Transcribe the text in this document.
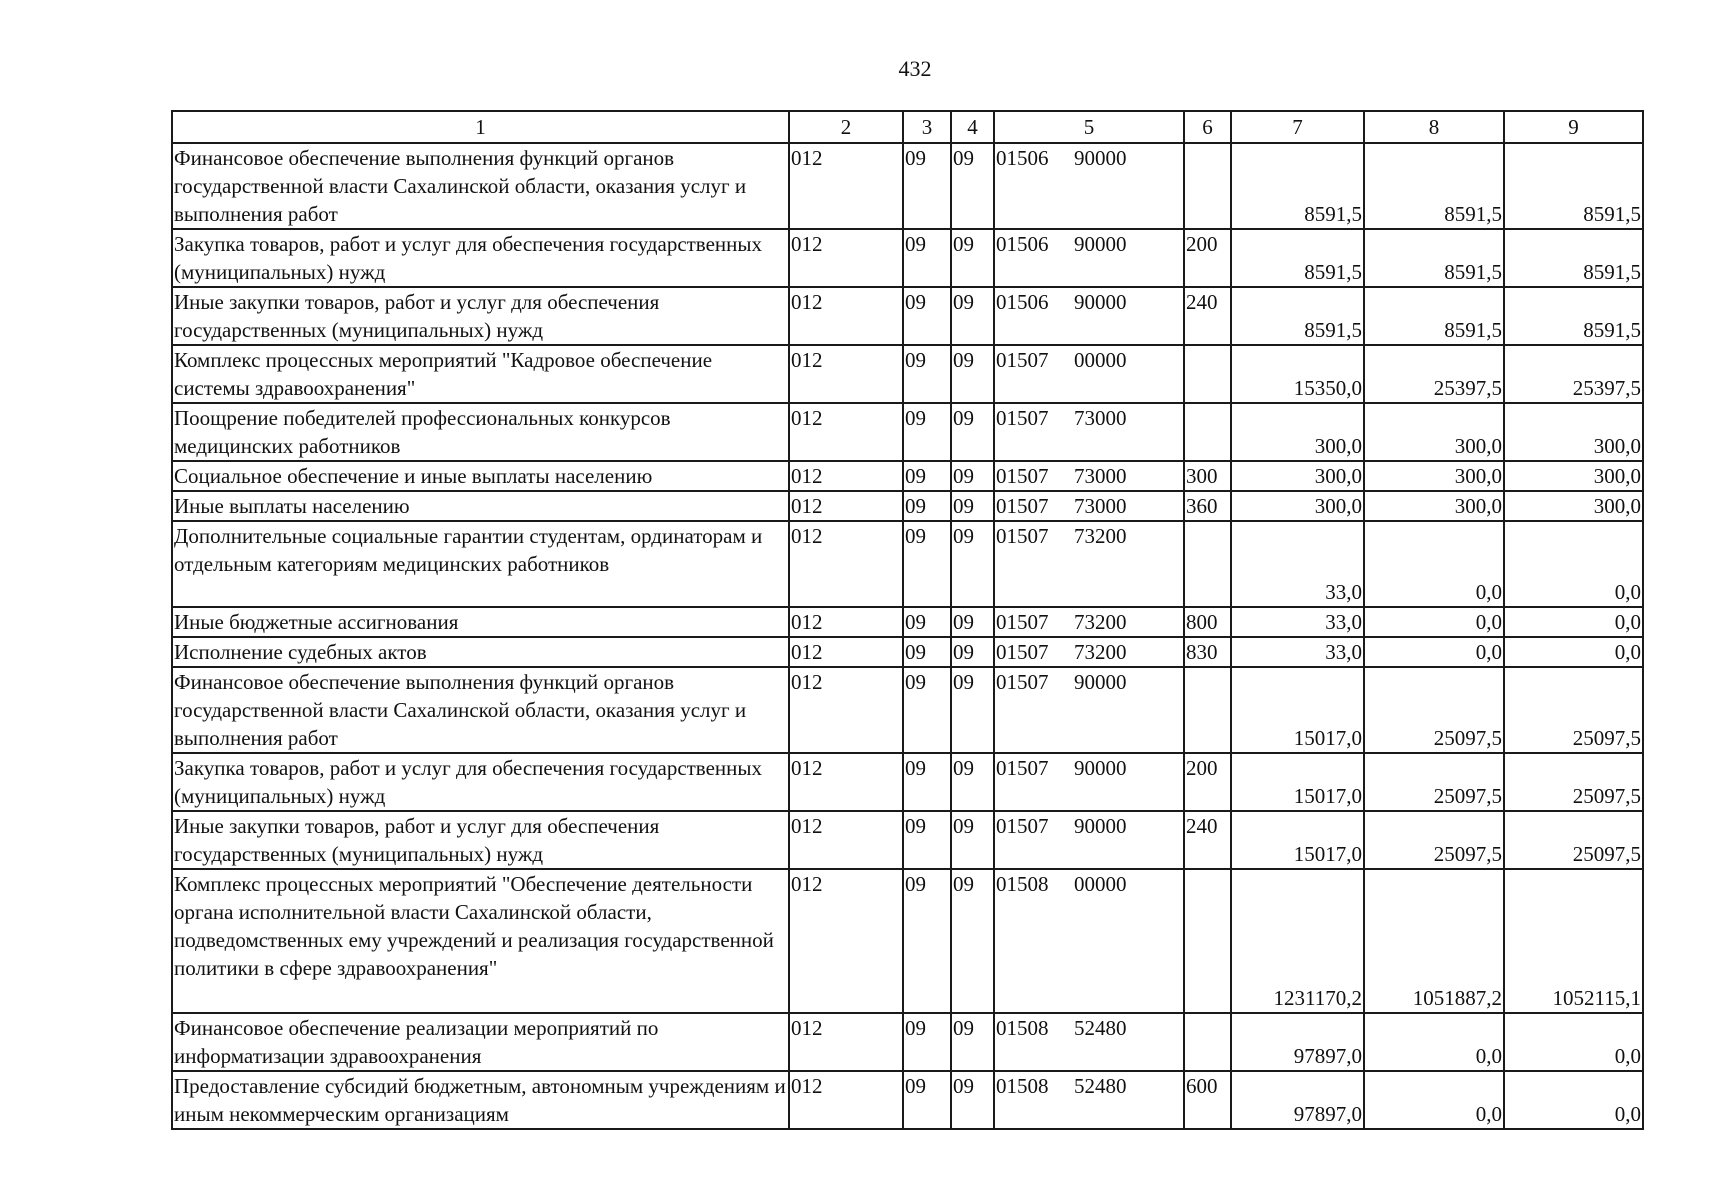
432
1	2	3	4	5	6	7	8	9
Финансовое обеспечение выполнения функций органов государственной власти Сахалинской области, оказания услуг и выполнения работ	012	09	09	01506 90000		8591,5	8591,5	8591,5
Закупка товаров, работ и услуг для обеспечения государственных (муниципальных) нужд	012	09	09	01506 90000	200	8591,5	8591,5	8591,5
Иные закупки товаров, работ и услуг для обеспечения государственных (муниципальных) нужд	012	09	09	01506 90000	240	8591,5	8591,5	8591,5
Комплекс процессных мероприятий "Кадровое обеспечение системы здравоохранения"	012	09	09	01507 00000		15350,0	25397,5	25397,5
Поощрение победителей профессиональных конкурсов медицинских работников	012	09	09	01507 73000		300,0	300,0	300,0
Социальное обеспечение и иные выплаты населению	012	09	09	01507 73000	300	300,0	300,0	300,0
Иные выплаты населению	012	09	09	01507 73000	360	300,0	300,0	300,0
Дополнительные социальные гарантии студентам, ординаторам и отдельным категориям медицинских работников	012	09	09	01507 73200		33,0	0,0	0,0
Иные бюджетные ассигнования	012	09	09	01507 73200	800	33,0	0,0	0,0
Исполнение судебных актов	012	09	09	01507 73200	830	33,0	0,0	0,0
Финансовое обеспечение выполнения функций органов государственной власти Сахалинской области, оказания услуг и выполнения работ	012	09	09	01507 90000		15017,0	25097,5	25097,5
Закупка товаров, работ и услуг для обеспечения государственных (муниципальных) нужд	012	09	09	01507 90000	200	15017,0	25097,5	25097,5
Иные закупки товаров, работ и услуг для обеспечения государственных (муниципальных) нужд	012	09	09	01507 90000	240	15017,0	25097,5	25097,5
Комплекс процессных мероприятий "Обеспечение деятельности органа исполнительной власти Сахалинской области, подведомственных ему учреждений и реализация государственной политики в сфере здравоохранения"	012	09	09	01508 00000		1231170,2	1051887,2	1052115,1
Финансовое обеспечение реализации мероприятий по информатизации здравоохранения	012	09	09	01508 52480		97897,0	0,0	0,0
Предоставление субсидий бюджетным, автономным учреждениям и иным некоммерческим организациям	012	09	09	01508 52480	600	97897,0	0,0	0,0
